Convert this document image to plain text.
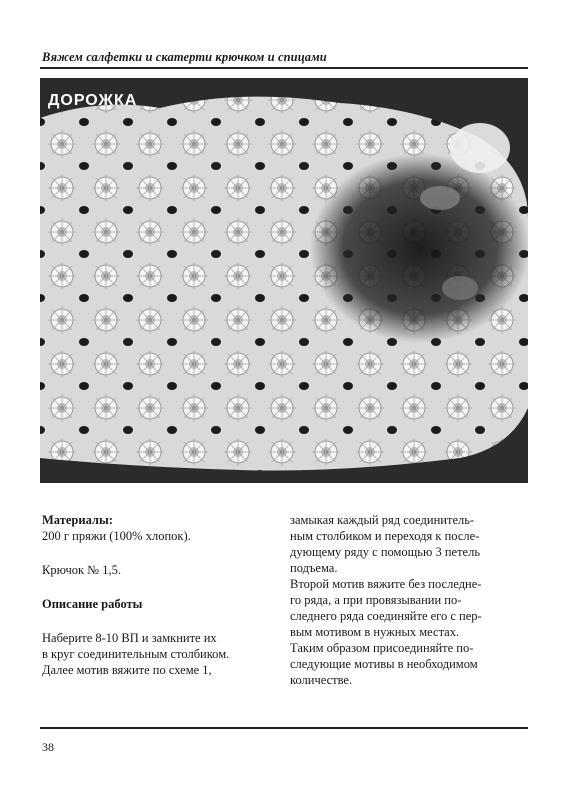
Вяжем салфетки и скатерти крючком и спицами
ДОРОЖКА
Материалы:

200 г пряжи (100% хлопок).

Крючок № 1,5.

Описание работы

Наберите 8-10 ВП и замкните их
в круг соединительным столбиком.
Далее мотив вяжите по схеме 1,

замыкая каждый ряд соединитель-
ным столбиком и переходя к после-
дующему ряду с помощью 3 петель
подъема.

Второй мотив вяжите без последне-
го ряда, а при провязывании по-
следнего ряда соединяйте его с пер-
вым мотивом в нужных местах.

Таким образом присоединяйте по-
следующие мотивы в необходимом
количестве.

38
